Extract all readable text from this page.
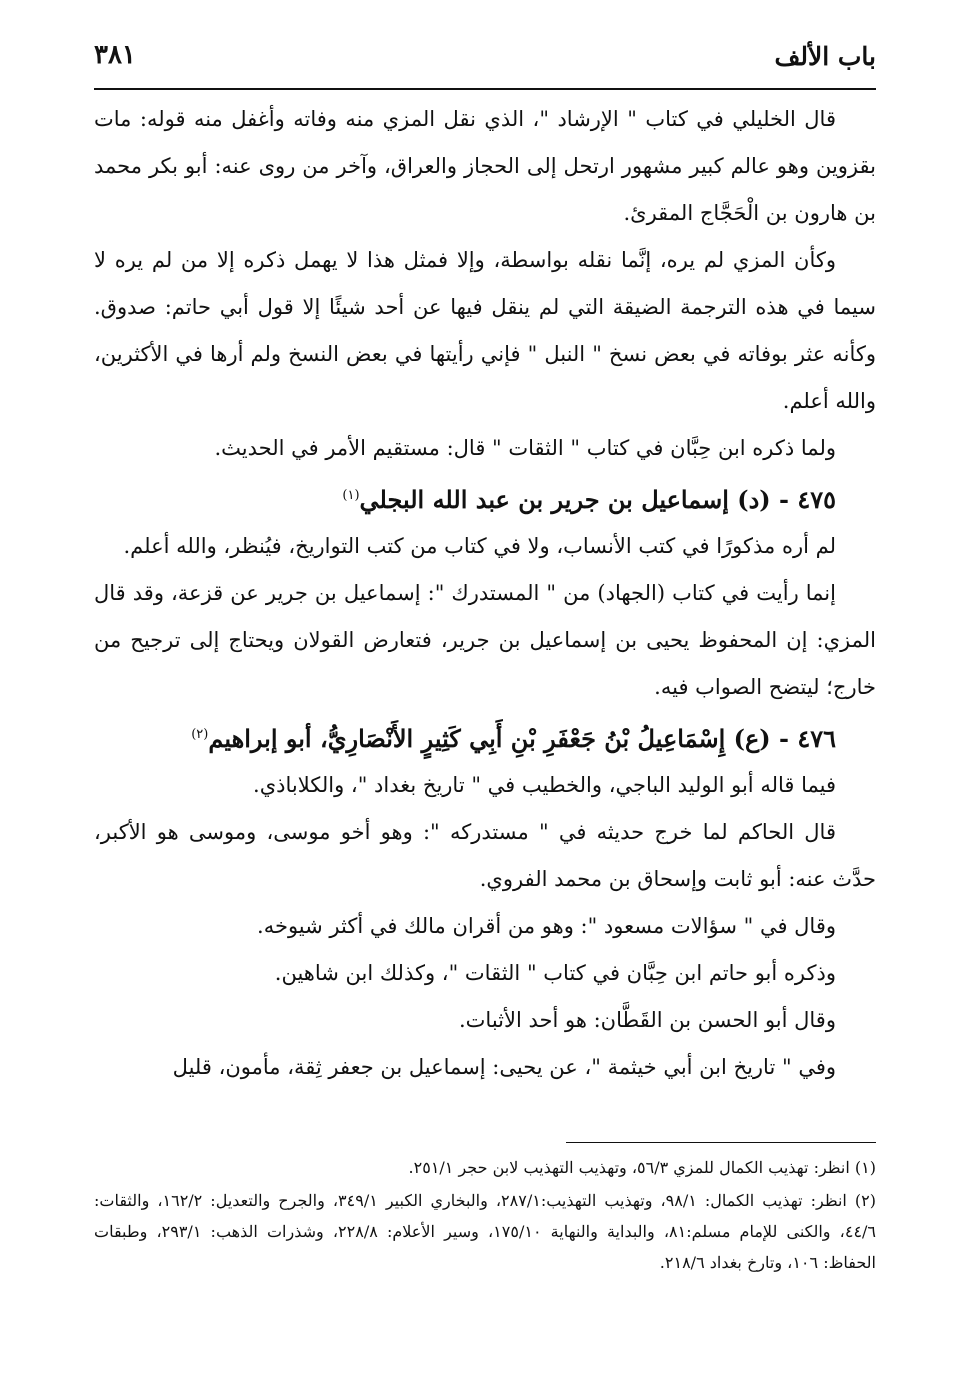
باب الألف
٣٨١

قال الخليلي في كتاب " الإرشاد "، الذي نقل المزي منه وفاته وأغفل منه قوله: مات بقزوين وهو عالم كبير مشهور ارتحل إلى الحجاز والعراق، وآخر من روى عنه: أبو بكر محمد بن هارون بن الْحَجَّاج المقرئ.

وكأن المزي لم يره، إنَّما نقله بواسطة، وإلا فمثل هذا لا يهمل ذكره إلا من لم يره لا سيما في هذه الترجمة الضيقة التي لم ينقل فيها عن أحد شيئًا إلا قول أبي حاتم: صدوق. وكأنه عثر بوفاته في بعض نسخ " النبل " فإني رأيتها في بعض النسخ ولم أرها في الأكثرين، والله أعلم.

ولما ذكره ابن حِبَّان في كتاب " الثقات " قال: مستقيم الأمر في الحديث.

٤٧٥ - (د) إسماعيل بن جرير بن عبد الله البجلي$^{(١)}$

لم أره مذكورًا في كتب الأنساب، ولا في كتاب من كتب التواريخ، فيُنظر، والله أعلم.

إنما رأيت في كتاب (الجهاد) من " المستدرك ": إسماعيل بن جرير عن قزعة، وقد قال المزي: إن المحفوظ يحيى بن إسماعيل بن جرير، فتعارض القولان ويحتاج إلى ترجيح من خارج؛ ليتضح الصواب فيه.

٤٧٦ - (ع) إِسْمَاعِيلُ بْنُ جَعْفَرِ بْنِ أَبِي كَثِيرٍ الأَنْصَارِيُّ، أبو إبراهيم$^{(٢)}$

فيما قاله أبو الوليد الباجي، والخطيب في " تاريخ بغداد "، والكلاباذي.

قال الحاكم لما خرج حديثه في " مستدركه ": وهو أخو موسى، وموسى هو الأكبر، حدَّث عنه: أبو ثابت وإسحاق بن محمد الفروي.

وقال في " سؤالات مسعود ": وهو من أقران مالك في أكثر شيوخه.

وذكره أبو حاتم ابن حِبَّان في كتاب " الثقات "، وكذلك ابن شاهين.

وقال أبو الحسن بن القَطَّان: هو أحد الأثبات.

وفي " تاريخ ابن أبي خيثمة "، عن يحيى: إسماعيل بن جعفر ثِقة، مأمون، قليل

(١) انظر: تهذيب الكمال للمزي ٥٦/٣، وتهذيب التهذيب لابن حجر ٢٥١/١.

(٢) انظر: تهذيب الكمال: ٩٨/١، وتهذيب التهذيب:٢٨٧/١، والبخاري الكبير ٣٤٩/١، والجرح والتعديل: ١٦٢/٢، والثقات: ٤٤/٦، والكنى للإمام مسلم:٨١، والبداية والنهاية ١٧٥/١٠، وسير الأعلام: ٢٢٨/٨، وشذرات الذهب: ٢٩٣/١، وطبقات الحفاظ: ١٠٦، وتارخ بغداد ٢١٨/٦.
